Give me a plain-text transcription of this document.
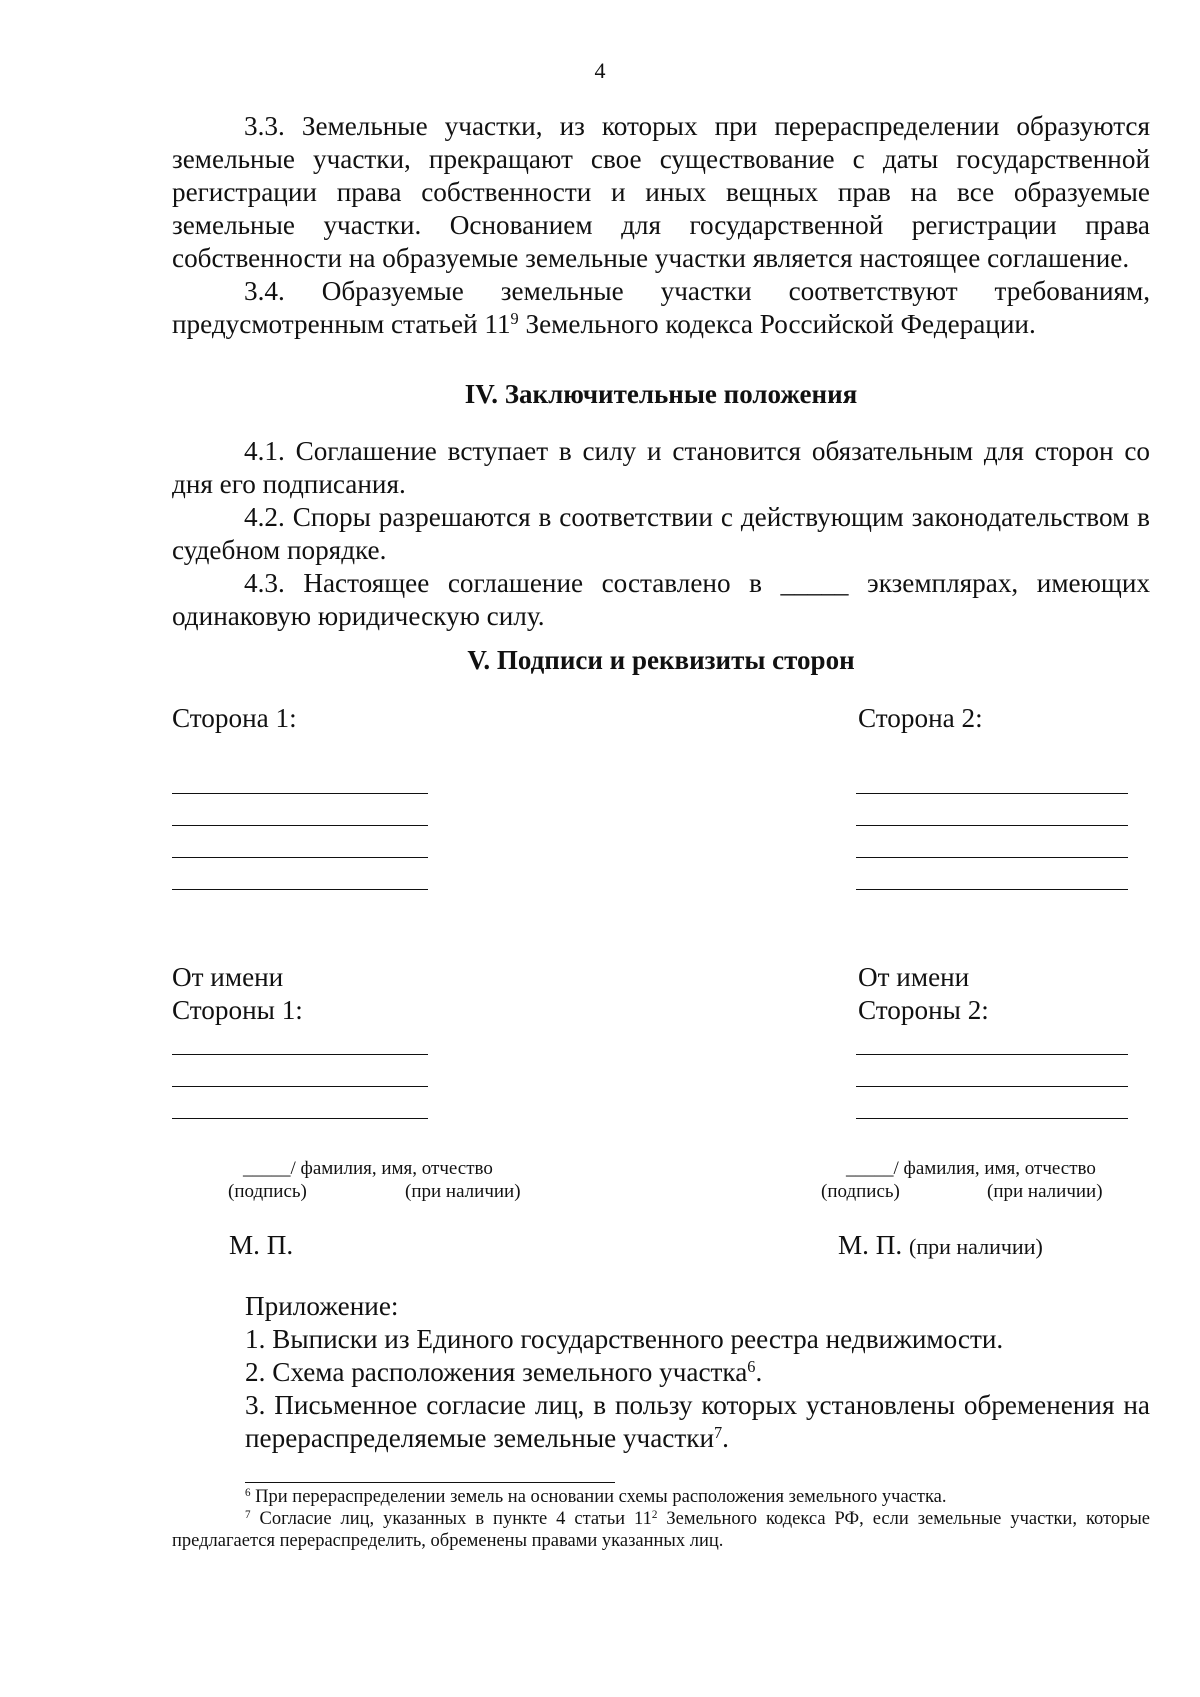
4

3.3. Земельные участки, из которых при перераспределении образуются земельные участки, прекращают свое существование с даты государственной регистрации права собственности и иных вещных прав на все образуемые земельные участки. Основанием для государственной регистрации права собственности на образуемые земельные участки является настоящее соглашение.

3.4. Образуемые земельные участки соответствуют требованиям, предусмотренным статьей $11^9$ Земельного кодекса Российской Федерации.

IV. Заключительные положения

4.1. Соглашение вступает в силу и становится обязательным для сторон со дня его подписания.

4.2. Споры разрешаются в соответствии с действующим законодательством в судебном порядке.

4.3. Настоящее соглашение составлено в _____ экземплярах, имеющих одинаковую юридическую силу.

V. Подписи и реквизиты сторон

Сторона 1:
От имени
Стороны 1:
_____/ фамилия, имя, отчество
(подпись)	(при наличии)
М. П.
Сторона 2:
От имени
Стороны 2:
_____/ фамилия, имя, отчество
(подпись)	(при наличии)
М. П. (при наличии)
Приложение:
1. Выписки из Единого государственного реестра недвижимости.
2. Схема расположения земельного участка$^6$.
3. Письменное согласие лиц, в пользу которых установлены обременения на перераспределяемые земельные участки$^7$.
$^6$ При перераспределении земель на основании схемы расположения земельного участка.
$^7$ Согласие лиц, указанных в пункте 4 статьи $11^2$ Земельного кодекса РФ, если земельные участки, которые предлагается перераспределить, обременены правами указанных лиц.
